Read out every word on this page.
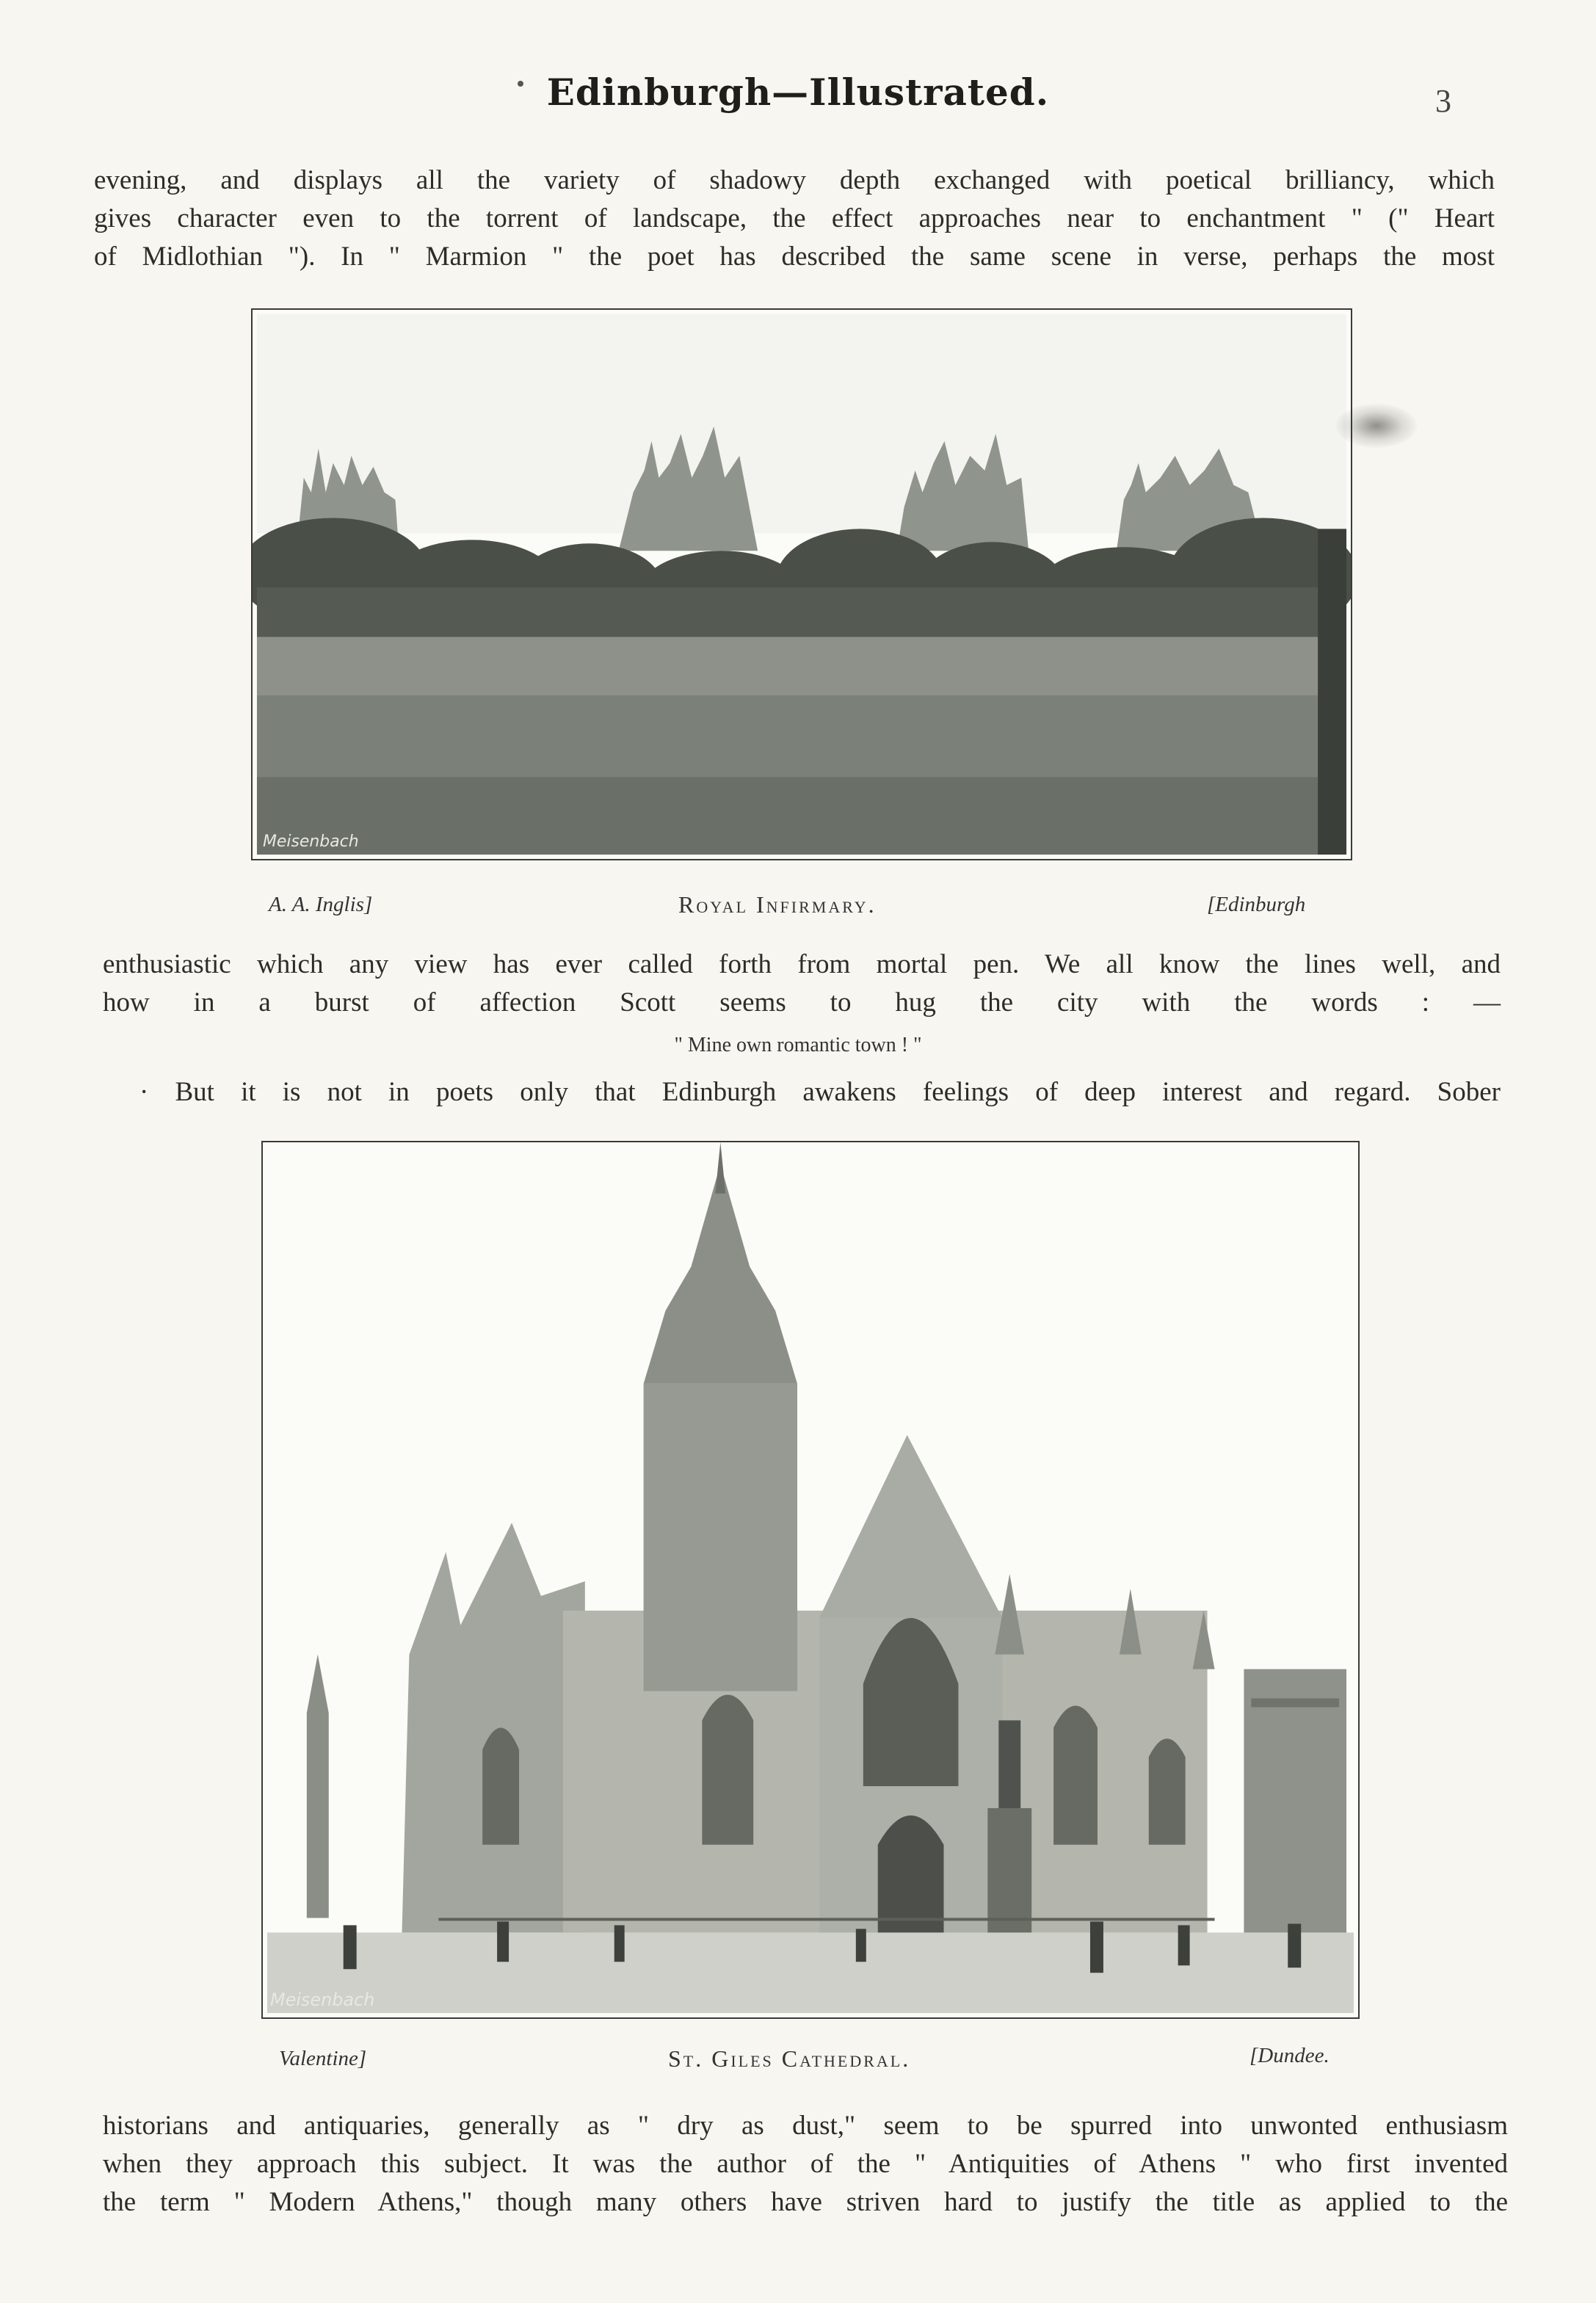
Edinburgh—Illustrated.	3
evening, and displays all the variety of shadowy depth exchanged with poetical brilliancy, which
gives character even to the torrent of landscape, the effect approaches near to enchantment " (" Heart
of Midlothian "). In " Marmion " the poet has described the same scene in verse, perhaps the most
Meisenbach
A. A. Inglis]	Royal Infirmary.	[Edinburgh
enthusiastic which any view has ever called forth from mortal pen. We all know the lines well, and
how in a burst of affection Scott seems to hug the city with the words : —
" Mine own romantic town ! "
· But it is not in poets only that Edinburgh awakens feelings of deep interest and regard. Sober
Meisenbach
Valentine]	St. Giles Cathedral.	[Dundee.
historians and antiquaries, generally as " dry as dust," seem to be spurred into unwonted enthusiasm
when they approach this subject. It was the author of the " Antiquities of Athens " who first invented
the term " Modern Athens," though many others have striven hard to justify the title as applied to the
